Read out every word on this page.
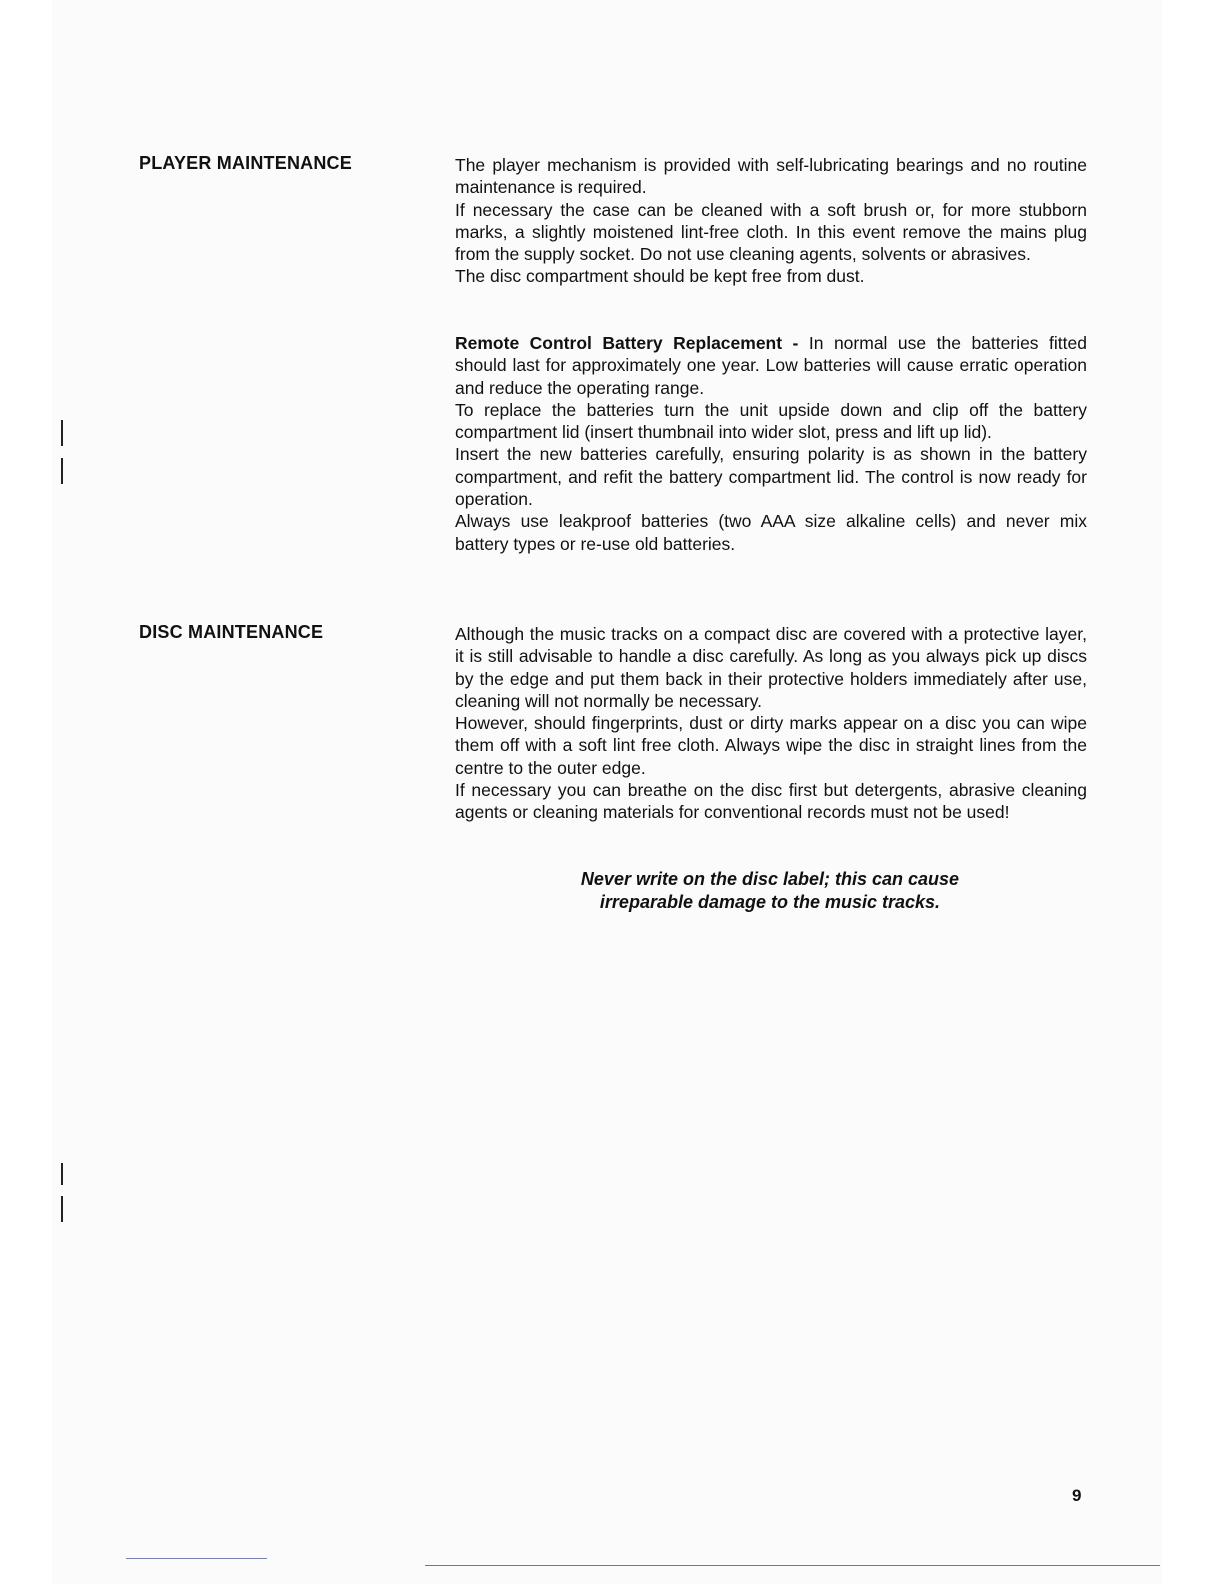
PLAYER MAINTENANCE	The player mechanism is provided with self-lubricating bearings and no routine maintenance is required.

If necessary the case can be cleaned with a soft brush or, for more stubborn marks, a slightly moistened lint-free cloth. In this event remove the mains plug from the supply socket. Do not use cleaning agents, solvents or abrasives.

The disc compartment should be kept free from dust.

Remote Control Battery Replacement - In normal use the batteries fitted should last for approximately one year. Low batteries will cause erratic operation and reduce the operating range.

To replace the batteries turn the unit upside down and clip off the battery compartment lid (insert thumbnail into wider slot, press and lift up lid).

Insert the new batteries carefully, ensuring polarity is as shown in the battery compartment, and refit the battery compartment lid. The control is now ready for operation.

Always use leakproof batteries (two AAA size alkaline cells) and never mix battery types or re-use old batteries.

DISC MAINTENANCE	Although the music tracks on a compact disc are covered with a protective layer, it is still advisable to handle a disc carefully. As long as you always pick up discs by the edge and put them back in their protective holders immediately after use, cleaning will not normally be necessary.

However, should fingerprints, dust or dirty marks appear on a disc you can wipe them off with a soft lint free cloth. Always wipe the disc in straight lines from the centre to the outer edge.

If necessary you can breathe on the disc first but detergents, abrasive cleaning agents or cleaning materials for conventional records must not be used!

Never write on the disc label; this can cause
irreparable damage to the music tracks.
9
